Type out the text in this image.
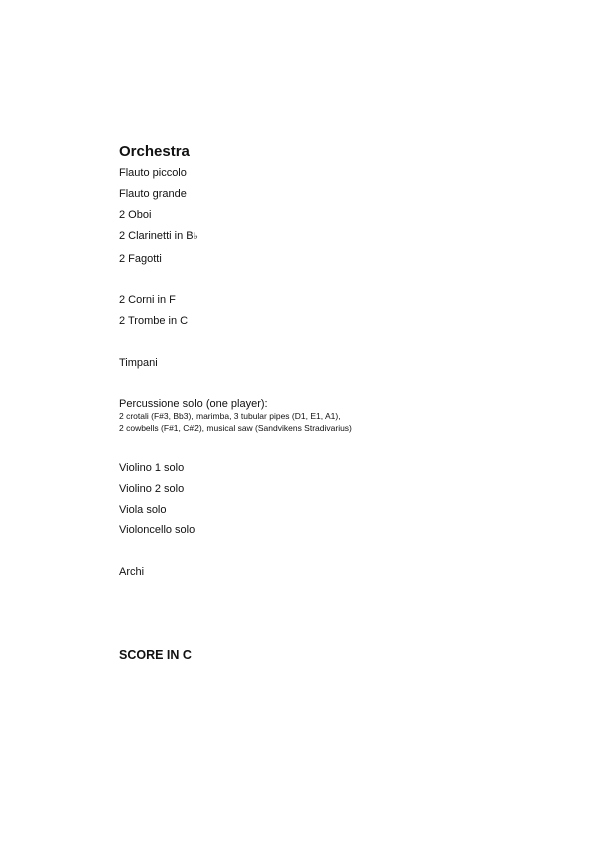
Orchestra

Flauto piccolo

Flauto grande

2 Oboi

2 Clarinetti in B♭

2 Fagotti

2 Corni in F

2 Trombe in C

Timpani

Percussione solo (one player):

2 crotali (F#3, Bb3), marimba, 3 tubular pipes (D1, E1, A1),

2 cowbells (F#1, C#2), musical saw (Sandvikens Stradivarius)

Violino 1 solo

Violino 2 solo

Viola solo

Violoncello solo

Archi

SCORE IN C
